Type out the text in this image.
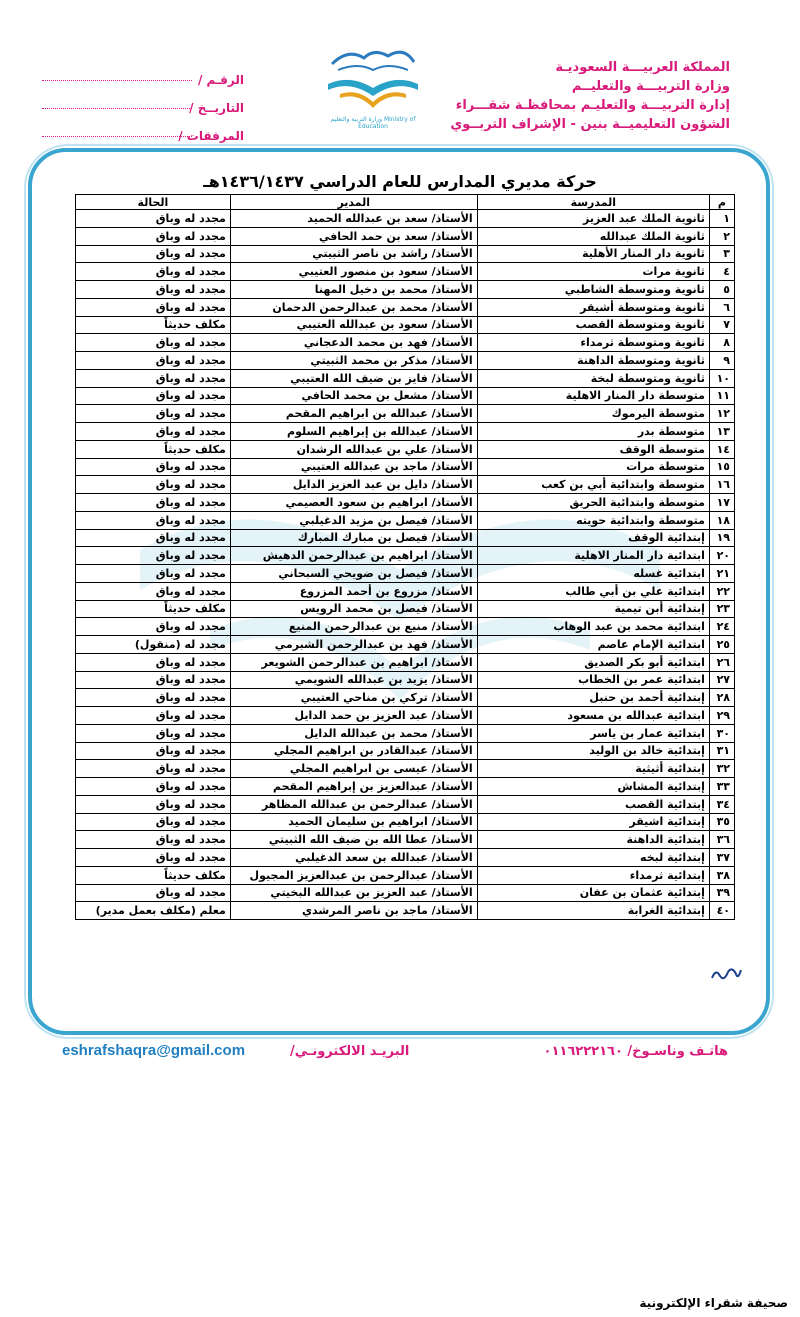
المملكة العربيـــة السعوديـة
وزارة التربيـــة والتعليــم
إدارة التربيـــة والتعليـم بمحافظـة شقـــراء
الشؤون التعليميــة بنين - الإشراف التربــوي
وزارة التربية والتعليم Ministry of Education
الرقـم /
التاريــخ /
المرفقات /
حركة مديري المدارس للعام الدراسي ١٤٣٦/١٤٣٧هـ
م	المدرسة	المدير	الحالة
١	ثانوية الملك عبد العزيز	الأستاذ/ سعد بن عبدالله الحميد	مجدد له وباق
٢	ثانوية الملك عبدالله	الأستاذ/ سعد بن حمد الحافي	مجدد له وباق
٣	ثانوية دار المنار الأهلية	الأستاذ/ راشد بن ناصر الثبيتي	مجدد له وباق
٤	ثانوية مرات	الأستاذ/ سعود بن منصور العتيبي	مجدد له وباق
٥	ثانوية ومتوسطة الشاطبي	الأستاذ/ محمد بن دخيل المهنا	مجدد له وباق
٦	ثانوية ومتوسطة أشيقر	الأستاذ/ محمد بن عبدالرحمن الدحمان	مجدد له وباق
٧	ثانوية ومتوسطة القصب	الأستاذ/ سعود بن عبدالله العتيبي	مكلف حديثاً
٨	ثانوية ومتوسطة ثرمداء	الأستاذ/ فهد بن محمد الدعجاني	مجدد له وباق
٩	ثانوية ومتوسطة الداهنة	الأستاذ/ مذكر بن محمد الثبيتي	مجدد له وباق
١٠	ثانوية ومتوسطة لبخة	الأستاذ/ فايز بن ضيف الله العتيبي	مجدد له وباق
١١	متوسطة دار المنار الاهلية	الأستاذ/ مشعل بن محمد الحافي	مجدد له وباق
١٢	متوسطة اليرموك	الأستاذ/ عبدالله بن ابراهيم المقحم	مجدد له وباق
١٣	متوسطة بدر	الأستاذ/ عبدالله بن إبراهيم السلوم	مجدد له وباق
١٤	متوسطة الوقف	الأستاذ/ علي بن عبدالله الرشدان	مكلف حديثاً
١٥	متوسطة مرات	الأستاذ/ ماجد بن عبدالله العتيبي	مجدد له وباق
١٦	متوسطة وابتدائية أبي بن كعب	الأستاذ/ دايل بن عبد العزيز الدايل	مجدد له وباق
١٧	متوسطة وابتدائية الحريق	الأستاذ/ ابراهيم بن سعود العصيمي	مجدد له وباق
١٨	متوسطة وابتدائية حويته	الأستاذ/ فيصل بن مزيد الدغيلبي	مجدد له وباق
١٩	إبتدائية الوقف	الأستاذ/ فيصل بن مبارك المبارك	مجدد له وباق
٢٠	ابتدائية دار المنار الاهلية	الأستاذ/ ابراهيم بن عبدالرحمن الدهيش	مجدد له وباق
٢١	ابتدائية غسله	الأستاذ/ فيصل بن ضويحي السبحاني	مجدد له وباق
٢٢	ابتدائية علي بن أبي طالب	الأستاذ/ مزروع بن أحمد المزروع	مجدد له وباق
٢٣	إبتدائية أبن تيمية	الأستاذ/ فيصل بن محمد الرويس	مكلف حديثاً
٢٤	ابتدائية محمد بن عبد الوهاب	الأستاذ/ منيع بن عبدالرحمن المنيع	مجدد له وباق
٢٥	ابتدائية الإمام عاصم	الأستاذ/ فهد بن عبدالرحمن الشبرمي	مجدد له (منقول)
٢٦	ابتدائية أبو بكر الصديق	الأستاذ/ ابراهيم بن عبدالرحمن الشويعر	مجدد له وباق
٢٧	ابتدائية عمر بن الخطاب	الأستاذ/ يزيد بن عبدالله الشويمي	مجدد له وباق
٢٨	إبتدائية أحمد بن حنبل	الأستاذ/ تركي بن مناحي العتيبي	مجدد له وباق
٢٩	ابتدائية عبدالله بن مسعود	الأستاذ/ عبد العزيز بن حمد الدايل	مجدد له وباق
٣٠	ابتدائية عمار بن ياسر	الأستاذ/ محمد بن عبدالله الدايل	مجدد له وباق
٣١	إبتدائية خالد بن الوليد	الأستاذ/ عبدالقادر بن ابراهيم المجلي	مجدد له وباق
٣٢	إبتدائية أثيثية	الأستاذ/ عيسى بن ابراهيم المجلي	مجدد له وباق
٣٣	إبتدائية المشاش	الأستاذ/ عبدالعزيز بن إبراهيم المقحم	مجدد له وباق
٣٤	إبتدائية القصب	الأستاذ/ عبدالرحمن بن عبدالله المظاهر	مجدد له وباق
٣٥	إبتدائية اشيقر	الأستاذ/ ابراهيم بن سليمان الحميد	مجدد له وباق
٣٦	إبتدائية الداهنة	الأستاذ/ عطا الله بن ضيف الله الثبيتي	مجدد له وباق
٣٧	إبتدائية لبخه	الأستاذ/ عبدالله بن سعد الدغيلبي	مجدد له وباق
٣٨	إبتدائية ثرمداء	الأستاذ/ عبدالرحمن بن عبدالعزيز المجيول	مكلف حديثاً
٣٩	إبتدائية عثمان بن عفان	الأستاذ/ عبد العزيز بن عبدالله البخيتي	مجدد له وباق
٤٠	إبتدائية الغرابة	الأستاذ/ ماجد بن ناصر المرشدي	معلم (مكلف بعمل مدير)
هاتـف وناسـوخ/ ٠١١٦٢٢٢١٦٠
البريـد الالكترونـي/
eshrafshaqra@gmail.com
صحيفة شقراء الإلكترونية
